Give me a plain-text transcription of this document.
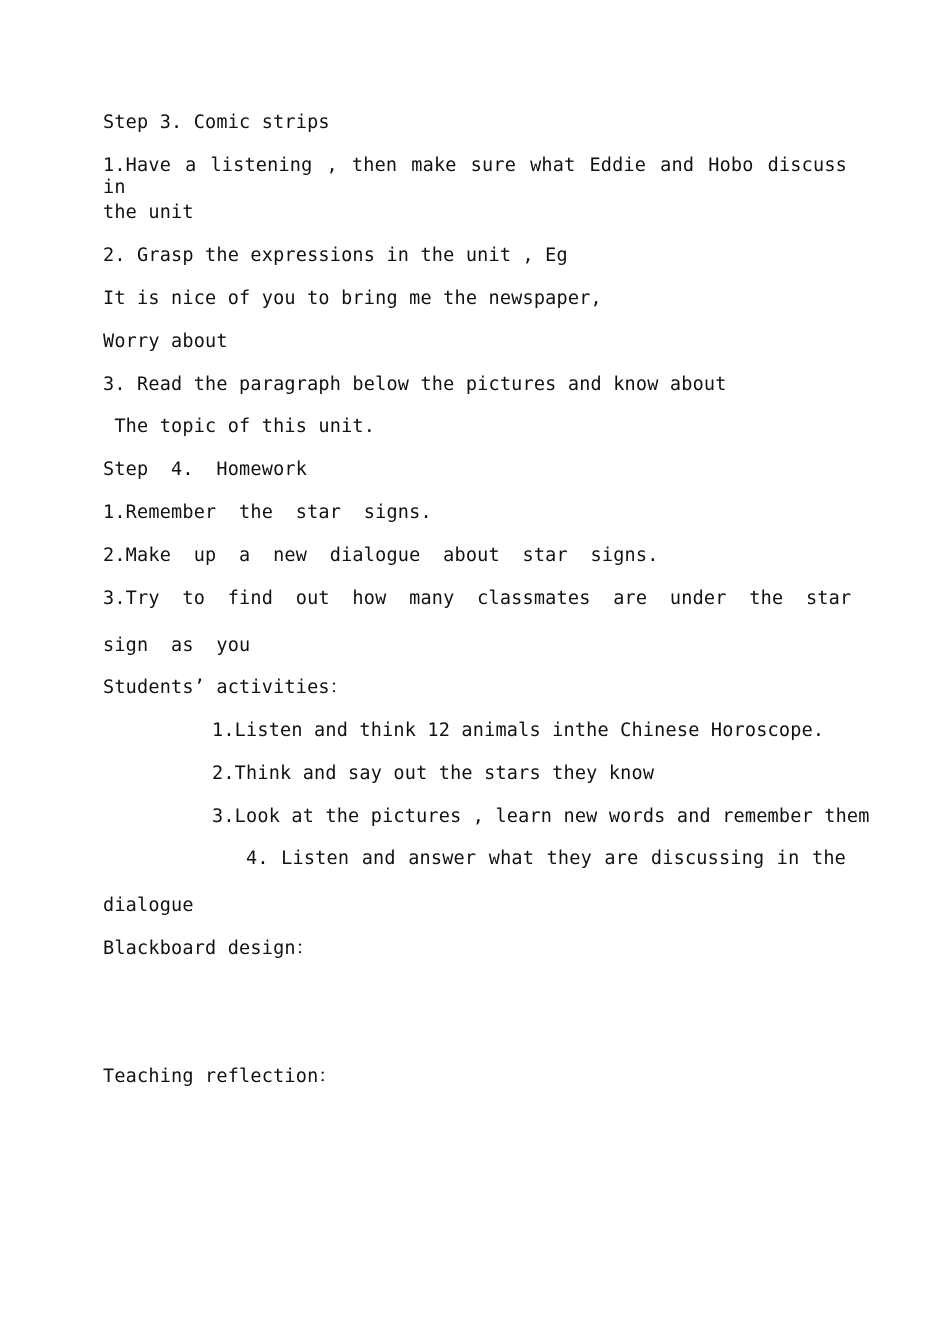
Step 3. Comic strips
1.Have a listening , then make sure what Eddie and Hobo discuss in
the unit
2. Grasp the expressions in the unit , Eg
It is nice of you to bring me the newspaper,
Worry about
3. Read the paragraph below the pictures and know about
The topic of this unit.
Step  4.  Homework
1.Remember  the  star  signs.
2.Make  up  a  new  dialogue  about  star  signs.
3.Try  to  find  out  how  many  classmates  are  under  the  star
sign  as  you
Students’ activities：
1.Listen and think 12 animals inthe Chinese Horoscope.
2.Think and say out the stars they know
3.Look at the pictures , learn new words and remember them
4. Listen and answer what they are discussing in the
dialogue
Blackboard design：
Teaching reflection：
